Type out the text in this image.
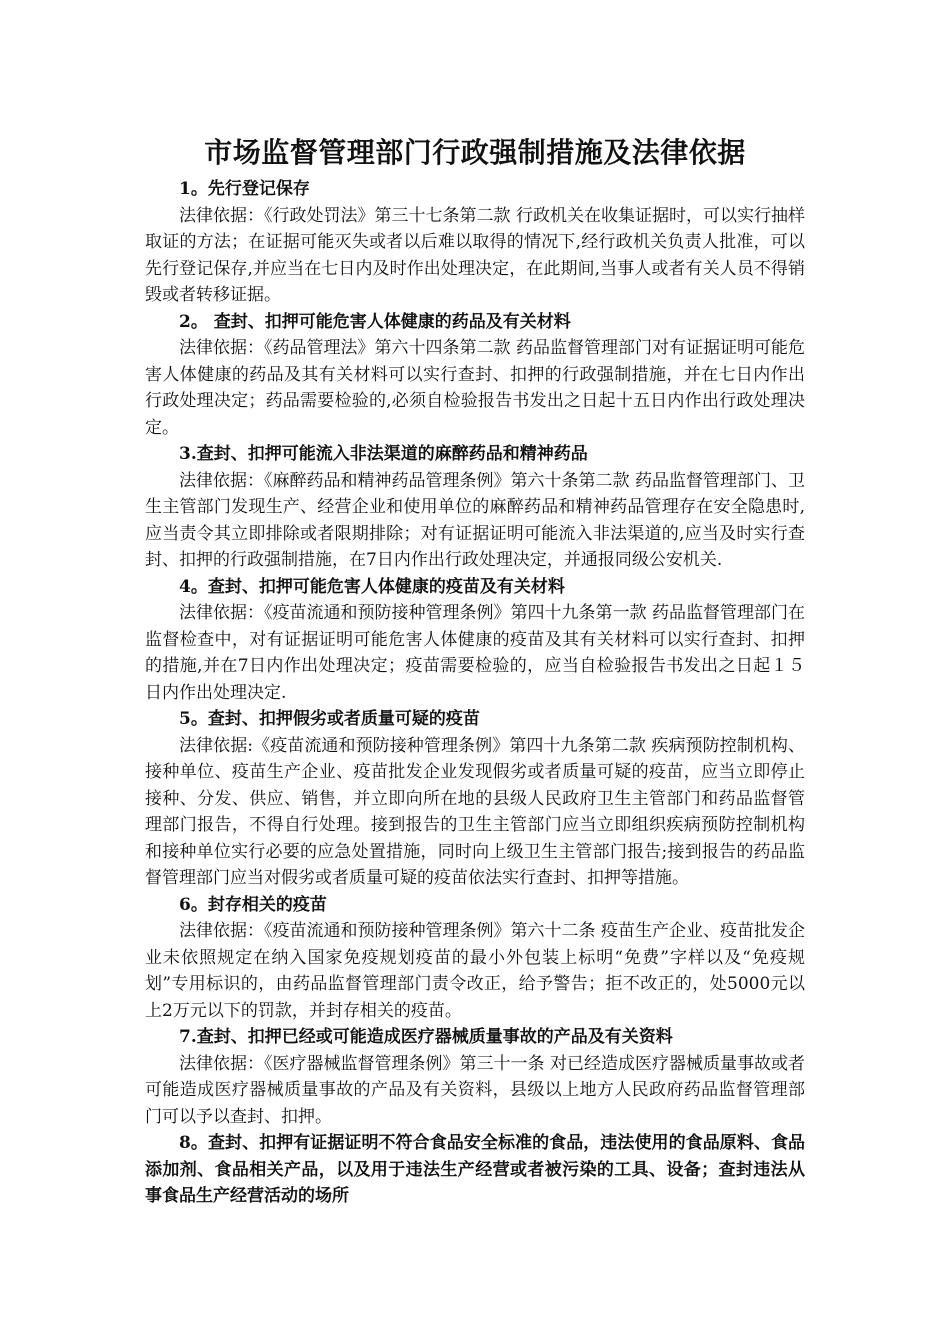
市场监督管理部门行政强制措施及法律依据

1。先行登记保存

法律依据：《行政处罚法》第三十七条第二款 行政机关在收集证据时，可以实行抽样取证的方法；在证据可能灭失或者以后难以取得的情况下,经行政机关负责人批准，可以先行登记保存,并应当在七日内及时作出处理决定，在此期间,当事人或者有关人员不得销毁或者转移证据。

2。 查封、扣押可能危害人体健康的药品及有关材料

法律依据：《药品管理法》第六十四条第二款 药品监督管理部门对有证据证明可能危害人体健康的药品及其有关材料可以实行查封、扣押的行政强制措施，并在七日内作出行政处理决定；药品需要检验的,必须自检验报告书发出之日起十五日内作出行政处理决定。

3.查封、扣押可能流入非法渠道的麻醉药品和精神药品

法律依据：《麻醉药品和精神药品管理条例》第六十条第二款 药品监督管理部门、卫生主管部门发现生产、经营企业和使用单位的麻醉药品和精神药品管理存在安全隐患时,应当责令其立即排除或者限期排除；对有证据证明可能流入非法渠道的,应当及时实行查封、扣押的行政强制措施，在7日内作出行政处理决定，并通报同级公安机关.

4。查封、扣押可能危害人体健康的疫苗及有关材料

法律依据：《疫苗流通和预防接种管理条例》第四十九条第一款 药品监督管理部门在监督检查中，对有证据证明可能危害人体健康的疫苗及其有关材料可以实行查封、扣押的措施,并在7日内作出处理决定；疫苗需要检验的，应当自检验报告书发出之日起１５日内作出处理决定.

5。查封、扣押假劣或者质量可疑的疫苗

法律依据:《疫苗流通和预防接种管理条例》第四十九条第二款 疾病预防控制机构、接种单位、疫苗生产企业、疫苗批发企业发现假劣或者质量可疑的疫苗，应当立即停止接种、分发、供应、销售，并立即向所在地的县级人民政府卫生主管部门和药品监督管理部门报告，不得自行处理。接到报告的卫生主管部门应当立即组织疾病预防控制机构和接种单位实行必要的应急处置措施，同时向上级卫生主管部门报告;接到报告的药品监督管理部门应当对假劣或者质量可疑的疫苗依法实行查封、扣押等措施。

6。封存相关的疫苗

法律依据：《疫苗流通和预防接种管理条例》第六十二条 疫苗生产企业、疫苗批发企业未依照规定在纳入国家免疫规划疫苗的最小外包装上标明“免费”字样以及“免疫规划”专用标识的，由药品监督管理部门责令改正，给予警告；拒不改正的，处5000元以上2万元以下的罚款，并封存相关的疫苗。

7.查封、扣押已经或可能造成医疗器械质量事故的产品及有关资料

法律依据：《医疗器械监督管理条例》第三十一条 对已经造成医疗器械质量事故或者可能造成医疗器械质量事故的产品及有关资料，县级以上地方人民政府药品监督管理部门可以予以查封、扣押。

8。查封、扣押有证据证明不符合食品安全标准的食品，违法使用的食品原料、食品添加剂、食品相关产品，以及用于违法生产经营或者被污染的工具、设备；查封违法从事食品生产经营活动的场所
